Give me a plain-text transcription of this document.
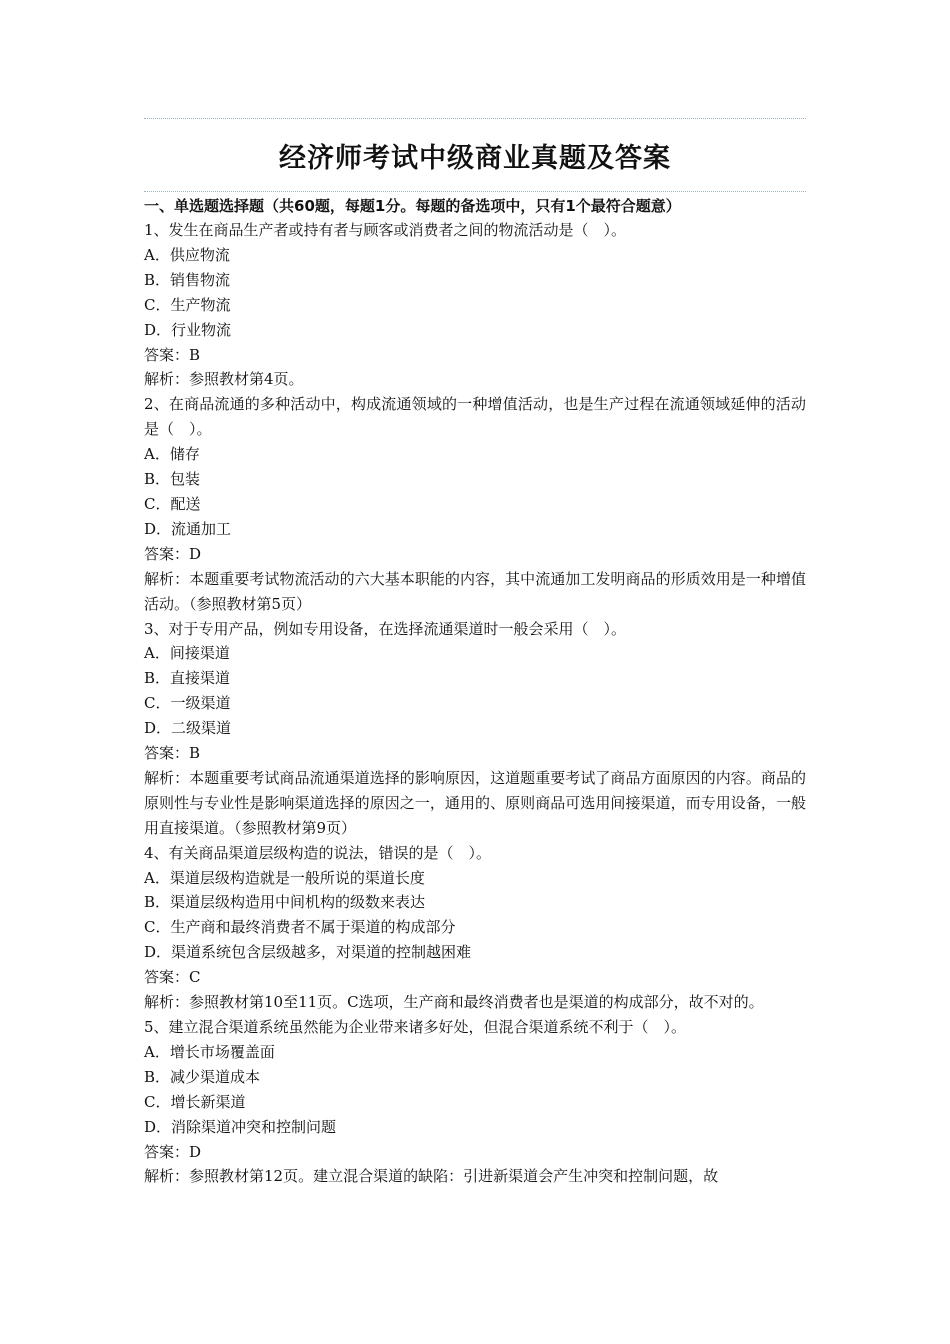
经济师考试中级商业真题及答案
一、单选题选择题（共60题，每题1分。每题的备选项中，只有1个最符合题意）
1、发生在商品生产者或持有者与顾客或消费者之间的物流活动是（　）。
A．供应物流
B．销售物流
C．生产物流
D．行业物流
答案：B
解析：参照教材第4页。
2、在商品流通的多种活动中，构成流通领域的一种增值活动，也是生产过程在流通领域延伸的活动是（　）。
A．储存
B．包装
C．配送
D．流通加工
答案：D
解析：本题重要考试物流活动的六大基本职能的内容，其中流通加工发明商品的形质效用是一种增值活动。（参照教材第5页）
3、对于专用产品，例如专用设备，在选择流通渠道时一般会采用（　）。
A．间接渠道
B．直接渠道
C．一级渠道
D．二级渠道
答案：B
解析：本题重要考试商品流通渠道选择的影响原因，这道题重要考试了商品方面原因的内容。商品的原则性与专业性是影响渠道选择的原因之一，通用的、原则商品可选用间接渠道，而专用设备，一般用直接渠道。（参照教材第9页）
4、有关商品渠道层级构造的说法，错误的是（　）。
A．渠道层级构造就是一般所说的渠道长度
B．渠道层级构造用中间机构的级数来表达
C．生产商和最终消费者不属于渠道的构成部分
D．渠道系统包含层级越多，对渠道的控制越困难
答案：C
解析：参照教材第10至11页。C选项，生产商和最终消费者也是渠道的构成部分，故不对的。
5、建立混合渠道系统虽然能为企业带来诸多好处，但混合渠道系统不利于（　）。
A．增长市场覆盖面
B．减少渠道成本
C．增长新渠道
D．消除渠道冲突和控制问题
答案：D
解析：参照教材第12页。建立混合渠道的缺陷：引进新渠道会产生冲突和控制问题，故
